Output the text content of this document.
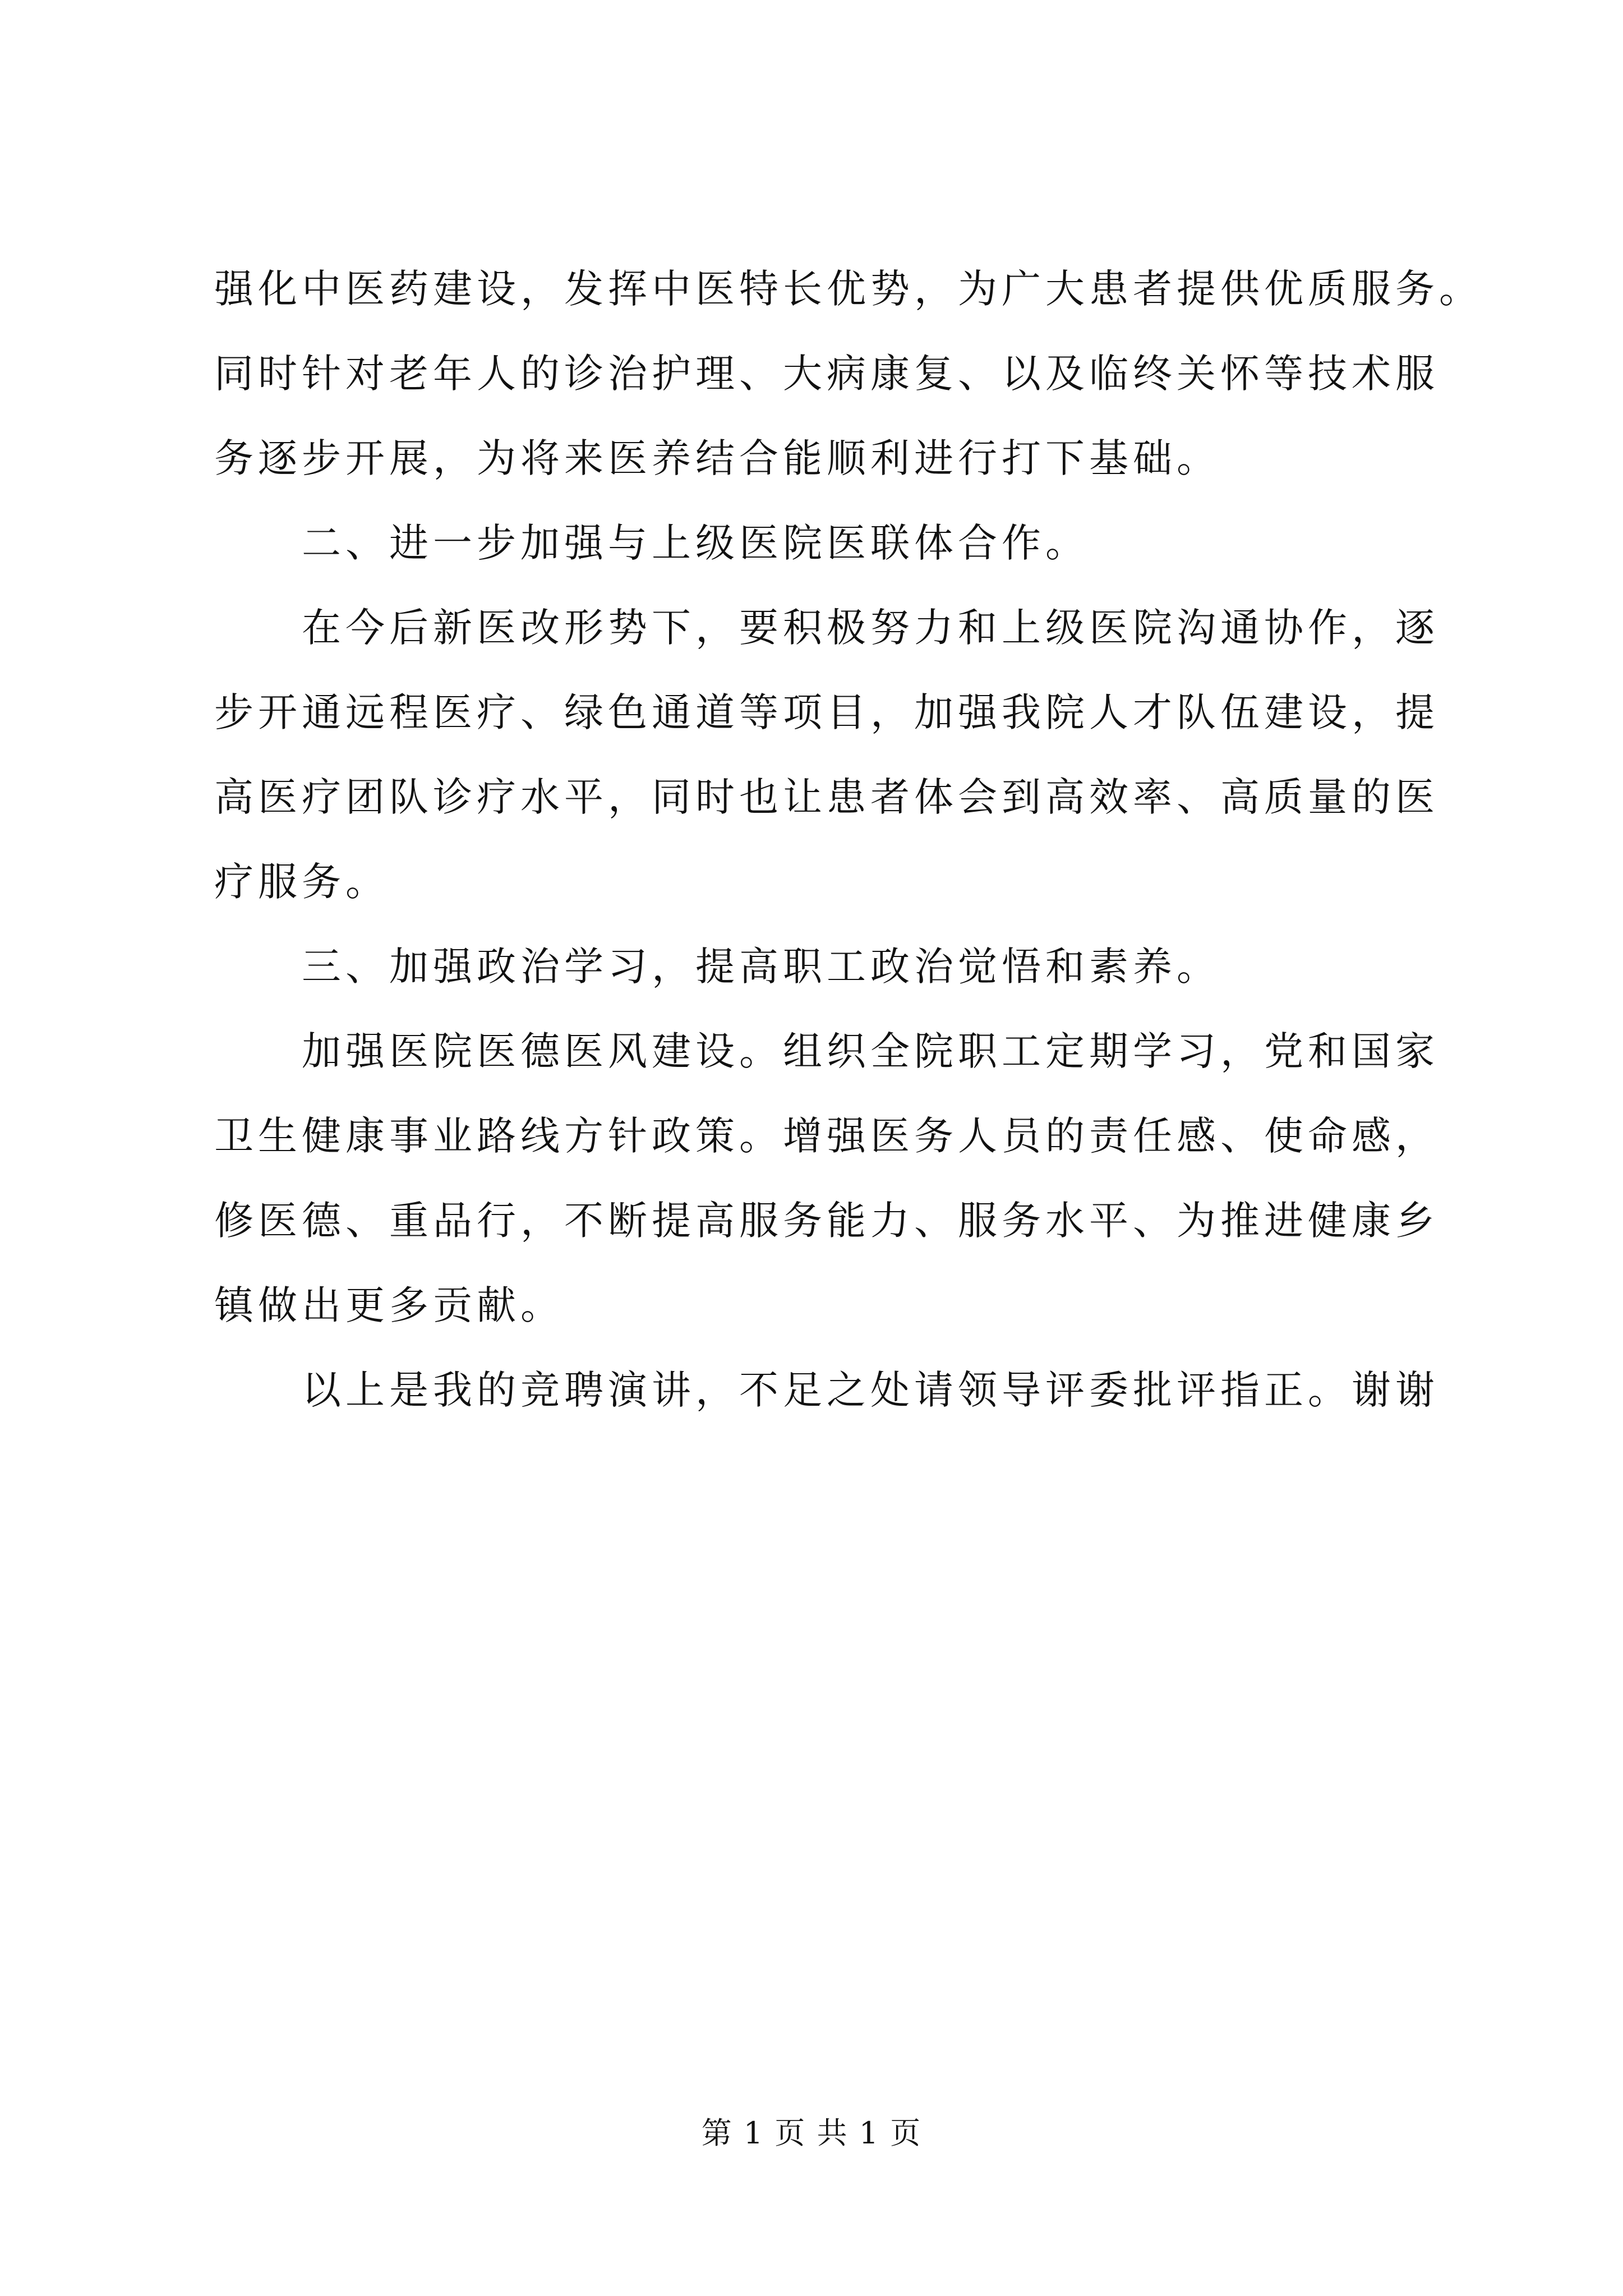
强化中医药建设，发挥中医特长优势，为广大患者提供优质服务。
同时针对老年人的诊治护理、大病康复、以及临终关怀等技术服
务逐步开展，为将来医养结合能顺利进行打下基础。
　　二、进一步加强与上级医院医联体合作。
　　在今后新医改形势下，要积极努力和上级医院沟通协作，逐
步开通远程医疗、绿色通道等项目，加强我院人才队伍建设，提
高医疗团队诊疗水平，同时也让患者体会到高效率、高质量的医
疗服务。
　　三、加强政治学习，提高职工政治觉悟和素养。
　　加强医院医德医风建设。组织全院职工定期学习，党和国家
卫生健康事业路线方针政策。增强医务人员的责任感、使命感，
修医德、重品行，不断提高服务能力、服务水平、为推进健康乡
镇做出更多贡献。
　　以上是我的竞聘演讲，不足之处请领导评委批评指正。谢谢
第 1 页 共 1 页
